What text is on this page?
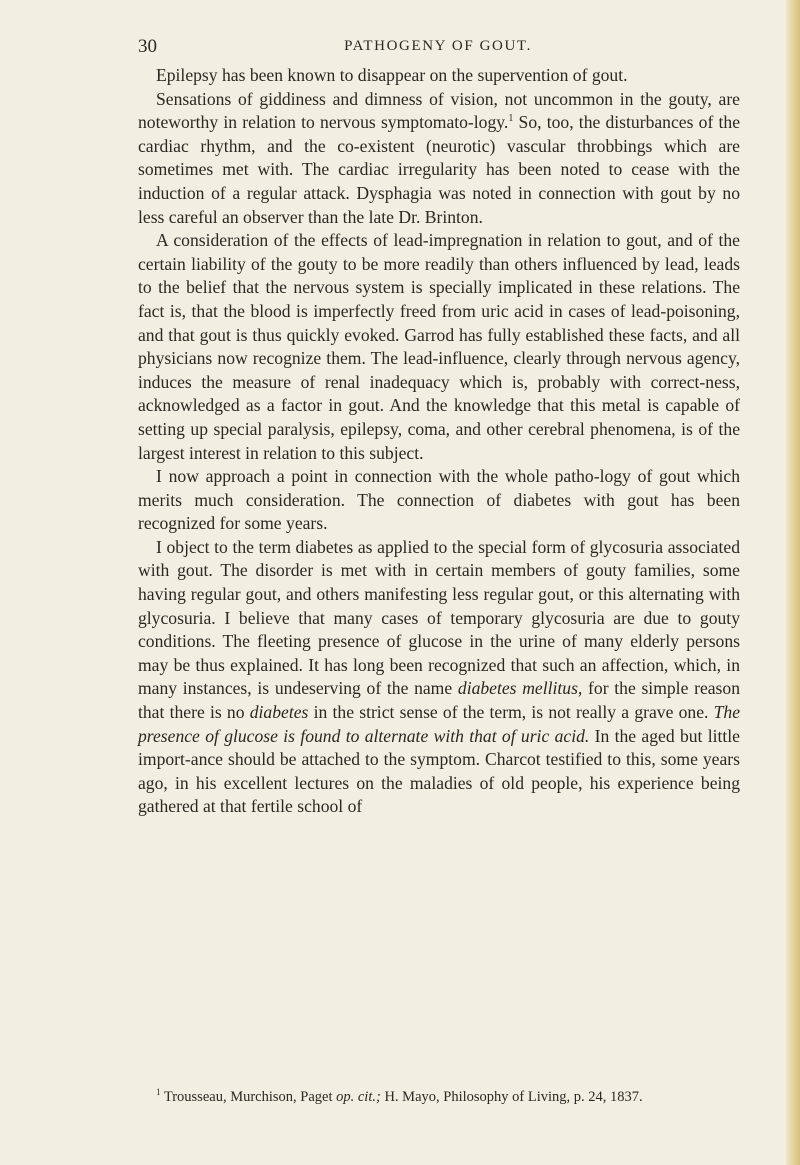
30	PATHOGENY OF GOUT.

Epilepsy has been known to disappear on the supervention of gout.

Sensations of giddiness and dimness of vision, not uncommon in the gouty, are noteworthy in relation to nervous symptomato-logy.$^1$ So, too, the disturbances of the cardiac rhythm, and the co-existent (neurotic) vascular throbbings which are sometimes met with. The cardiac irregularity has been noted to cease with the induction of a regular attack. Dysphagia was noted in connection with gout by no less careful an observer than the late Dr. Brinton.

A consideration of the effects of lead-impregnation in relation to gout, and of the certain liability of the gouty to be more readily than others influenced by lead, leads to the belief that the nervous system is specially implicated in these relations. The fact is, that the blood is imperfectly freed from uric acid in cases of lead-poisoning, and that gout is thus quickly evoked. Garrod has fully established these facts, and all physicians now recognize them. The lead-influence, clearly through nervous agency, induces the measure of renal inadequacy which is, probably with correct-ness, acknowledged as a factor in gout. And the knowledge that this metal is capable of setting up special paralysis, epilepsy, coma, and other cerebral phenomena, is of the largest interest in relation to this subject.

I now approach a point in connection with the whole patho-logy of gout which merits much consideration. The connection of diabetes with gout has been recognized for some years.

I object to the term diabetes as applied to the special form of glycosuria associated with gout. The disorder is met with in certain members of gouty families, some having regular gout, and others manifesting less regular gout, or this alternating with glycosuria. I believe that many cases of temporary glycosuria are due to gouty conditions. The fleeting presence of glucose in the urine of many elderly persons may be thus explained. It has long been recognized that such an affection, which, in many instances, is undeserving of the name diabetes mellitus, for the simple reason that there is no diabetes in the strict sense of the term, is not really a grave one. The presence of glucose is found to alternate with that of uric acid. In the aged but little import-ance should be attached to the symptom. Charcot testified to this, some years ago, in his excellent lectures on the maladies of old people, his experience being gathered at that fertile school of

$^1$ Trousseau, Murchison, Paget op. cit.; H. Mayo, Philosophy of Living, p. 24, 1837.
